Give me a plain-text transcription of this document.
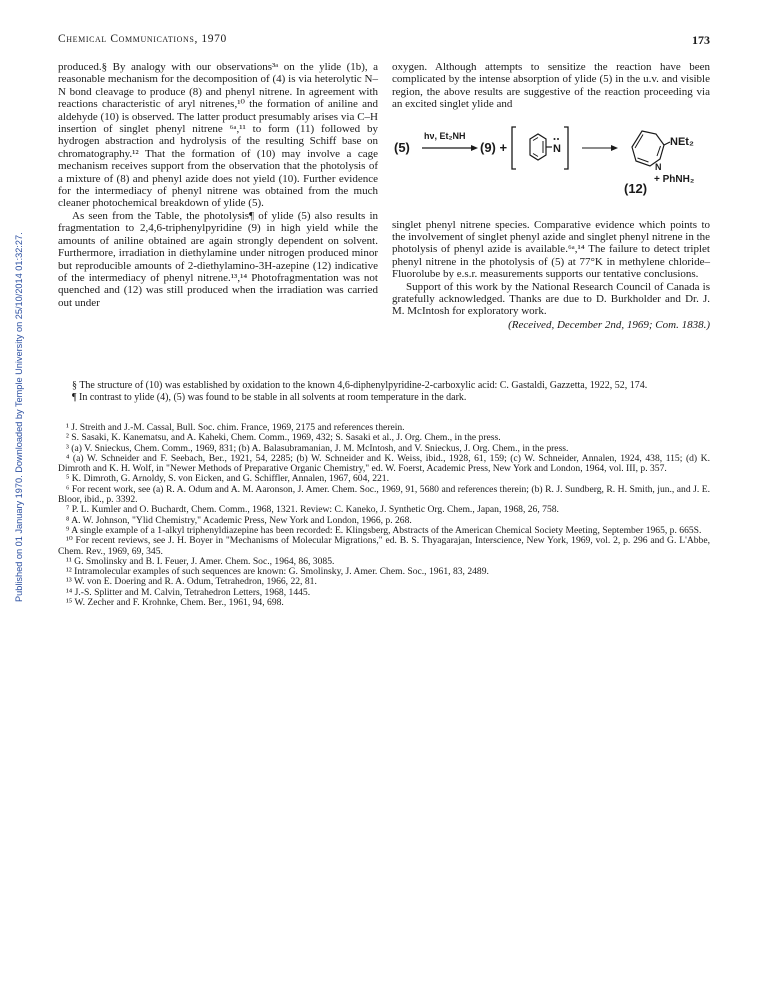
Published on 01 January 1970. Downloaded by Temple University on 25/10/2014 01:32:27.
Chemical Communications, 1970	173

produced.§ By analogy with our observations³ᵃ on the ylide (1b), a reasonable mechanism for the decomposition of (4) is via heterolytic N–N bond cleavage to produce (8) and phenyl nitrene. In agreement with reactions characteristic of aryl nitrenes,¹⁰ the formation of aniline and aldehyde (10) is observed. The latter product presumably arises via C–H insertion of singlet phenyl nitrene ⁶ᵃ,¹¹ to form (11) followed by hydrogen abstraction and hydrolysis of the resulting Schiff base on chromatography.¹² That the formation of (10) may involve a cage mechanism receives support from the observation that the photolysis of a mixture of (8) and phenyl azide does not yield (10). Further evidence for the intermediacy of phenyl nitrene was obtained from the much cleaner photochemical breakdown of ylide (5).

As seen from the Table, the photolysis¶ of ylide (5) also results in fragmentation to 2,4,6-triphenylpyridine (9) in high yield while the amounts of aniline obtained are again strongly dependent on solvent. Furthermore, irradiation in diethylamine under nitrogen produced minor but reproducible amounts of 2-diethylamino-3H-azepine (12) indicative of the intermediacy of phenyl nitrene.¹³,¹⁴ Photofragmentation was not quenched and (12) was still produced when the irradiation was carried out under

oxygen. Although attempts to sensitize the reaction have been complicated by the intense absorption of ylide (5) in the u.v. and visible region, the above results are suggestive of the reaction proceeding via an excited singlet ylide and

(5)
hν, Et₂NH
(9) +	N
NEt₂
N
(12)
+ PhNH₂

singlet phenyl nitrene species. Comparative evidence which points to the involvement of singlet phenyl azide and singlet phenyl nitrene in the photolysis of phenyl azide is available.⁶ᵃ,¹⁴ The failure to detect triplet phenyl nitrene in the photolysis of (5) at 77°K in methylene chloride–Fluorolube by e.s.r. measurements supports our tentative conclusions.

Support of this work by the National Research Council of Canada is gratefully acknowledged. Thanks are due to D. Burkholder and Dr. J. M. McIntosh for exploratory work.

(Received, December 2nd, 1969; Com. 1838.)

§ The structure of (10) was established by oxidation to the known 4,6-diphenylpyridine-2-carboxylic acid: C. Gastaldi, Gazzetta, 1922, 52, 174.

¶ In contrast to ylide (4), (5) was found to be stable in all solvents at room temperature in the dark.

¹ J. Streith and J.-M. Cassal, Bull. Soc. chim. France, 1969, 2175 and references therein.

² S. Sasaki, K. Kanematsu, and A. Kaheki, Chem. Comm., 1969, 432; S. Sasaki et al., J. Org. Chem., in the press.

³ (a) V. Snieckus, Chem. Comm., 1969, 831; (b) A. Balasubramanian, J. M. McIntosh, and V. Snieckus, J. Org. Chem., in the press.

⁴ (a) W. Schneider and F. Seebach, Ber., 1921, 54, 2285; (b) W. Schneider and K. Weiss, ibid., 1928, 61, 159; (c) W. Schneider, Annalen, 1924, 438, 115; (d) K. Dimroth and K. H. Wolf, in "Newer Methods of Preparative Organic Chemistry," ed. W. Foerst, Academic Press, New York and London, 1964, vol. III, p. 357.

⁵ K. Dimroth, G. Arnoldy, S. von Eicken, and G. Schiffler, Annalen, 1967, 604, 221.

⁶ For recent work, see (a) R. A. Odum and A. M. Aaronson, J. Amer. Chem. Soc., 1969, 91, 5680 and references therein; (b) R. J. Sundberg, R. H. Smith, jun., and J. E. Bloor, ibid., p. 3392.

⁷ P. L. Kumler and O. Buchardt, Chem. Comm., 1968, 1321. Review: C. Kaneko, J. Synthetic Org. Chem., Japan, 1968, 26, 758.

⁸ A. W. Johnson, "Ylid Chemistry," Academic Press, New York and London, 1966, p. 268.

⁹ A single example of a 1-alkyl triphenyldiazepine has been recorded: E. Klingsberg, Abstracts of the American Chemical Society Meeting, September 1965, p. 665S.

¹⁰ For recent reviews, see J. H. Boyer in "Mechanisms of Molecular Migrations," ed. B. S. Thyagarajan, Interscience, New York, 1969, vol. 2, p. 296 and G. L'Abbe, Chem. Rev., 1969, 69, 345.

¹¹ G. Smolinsky and B. I. Feuer, J. Amer. Chem. Soc., 1964, 86, 3085.

¹² Intramolecular examples of such sequences are known: G. Smolinsky, J. Amer. Chem. Soc., 1961, 83, 2489.

¹³ W. von E. Doering and R. A. Odum, Tetrahedron, 1966, 22, 81.

¹⁴ J.-S. Splitter and M. Calvin, Tetrahedron Letters, 1968, 1445.

¹⁵ W. Zecher and F. Krohnke, Chem. Ber., 1961, 94, 698.
